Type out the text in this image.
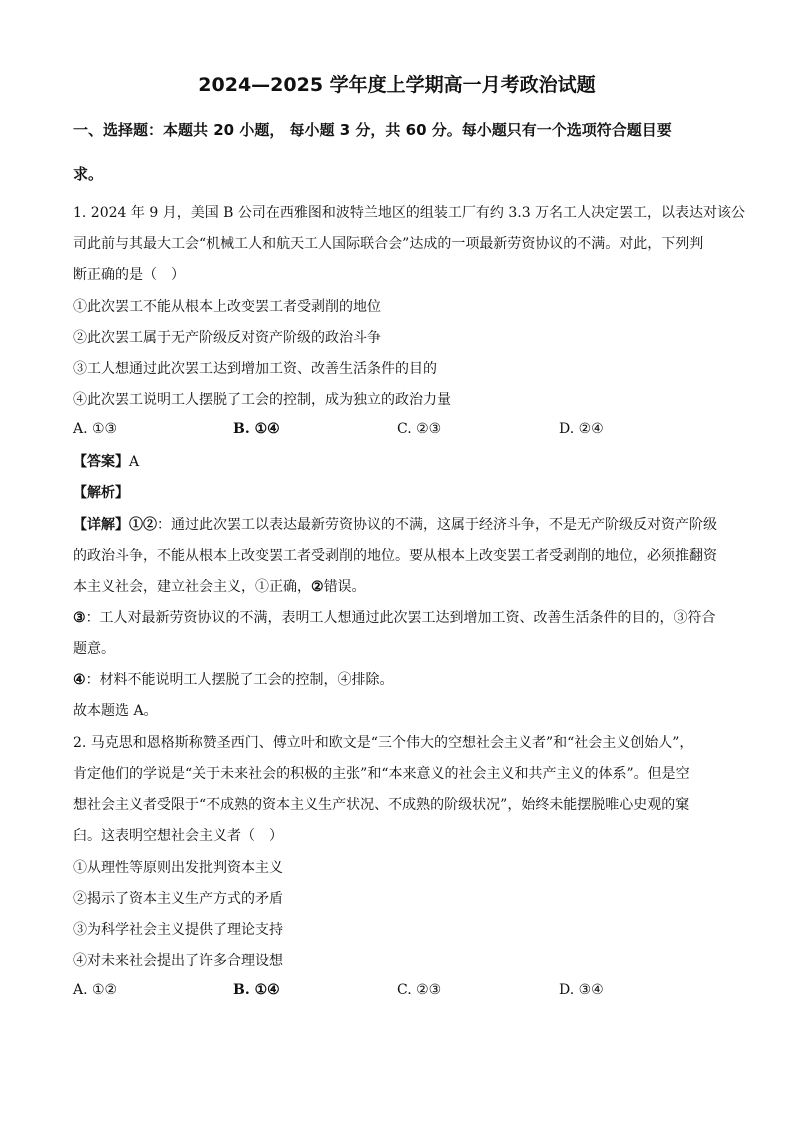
2024—2025 学年度上学期高一月考政治试题
一、选择题：本题共 20 小题， 每小题 3 分，共 60 分。每小题只有一个选项符合题目要
求。
1. 2024 年 9 月，美国 B 公司在西雅图和波特兰地区的组装工厂有约 3.3 万名工人决定罢工，以表达对该公
司此前与其最大工会“机械工人和航天工人国际联合会”达成的一项最新劳资协议的不满。对此，下列判
断正确的是（　）
①此次罢工不能从根本上改变罢工者受剥削的地位
②此次罢工属于无产阶级反对资产阶级的政治斗争
③工人想通过此次罢工达到增加工资、改善生活条件的目的
④此次罢工说明工人摆脱了工会的控制，成为独立的政治力量
A. ①③	B. ①④	C. ②③	D. ②④
【答案】A
【解析】
【详解】①②：通过此次罢工以表达最新劳资协议的不满，这属于经济斗争，不是无产阶级反对资产阶级
的政治斗争，不能从根本上改变罢工者受剥削的地位。要从根本上改变罢工者受剥削的地位，必须推翻资
本主义社会，建立社会主义，①正确，②错误。
③：工人对最新劳资协议的不满，表明工人想通过此次罢工达到增加工资、改善生活条件的目的，③符合
题意。
④：材料不能说明工人摆脱了工会的控制，④排除。
故本题选 A。
2. 马克思和恩格斯称赞圣西门、傅立叶和欧文是“三个伟大的空想社会主义者”和“社会主义创始人”，
肯定他们的学说是“关于未来社会的积极的主张”和“本来意义的社会主义和共产主义的体系”。但是空
想社会主义者受限于“不成熟的资本主义生产状况、不成熟的阶级状况”，始终未能摆脱唯心史观的窠
臼。这表明空想社会主义者（　）
①从理性等原则出发批判资本主义
②揭示了资本主义生产方式的矛盾
③为科学社会主义提供了理论支持
④对未来社会提出了许多合理设想
A. ①②	B. ①④	C. ②③	D. ③④
